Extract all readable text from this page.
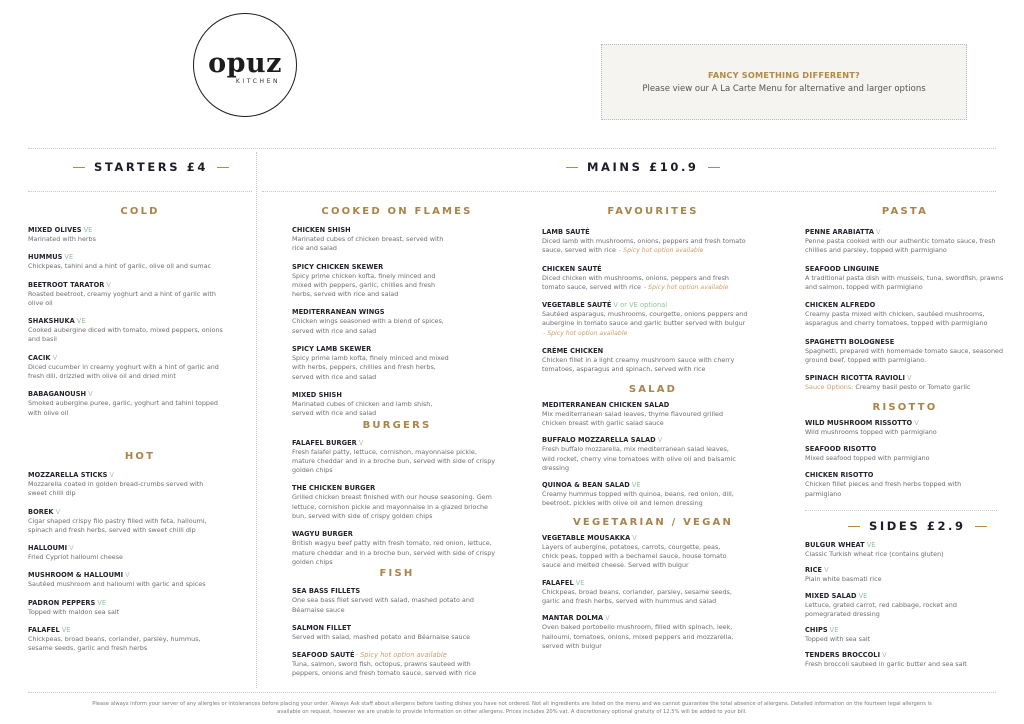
opuz
KITCHEN
FANCY SOMETHING DIFFERENT?
Please view our A La Carte Menu for alternative and larger options
STARTERS £4	MAINS £10.9
SIDES £2.9
COLD
MIXED OLIVES VE
Marinated with herbs
HUMMUS VE
Chickpeas, tahini and a hint of garlic, olive oil and sumac
BEETROOT TARATOR V
Roasted beetroot, creamy yoghurt and a hint of garlic with olive oil
SHAKSHUKA VE
Cooked aubergine diced with tomato, mixed peppers, onions and basil
CACIK V
Diced cucumber in creamy yoghurt with a hint of garlic and fresh dill, drizzled with olive oil and dried mint
BABAGANOUSH V
Smoked aubergine puree, garlic, yoghurt and tahini topped with olive oil
HOT
MOZZARELLA STICKS V
Mozzarella coated in golden bread-crumbs served with sweet chilli dip
BOREK V
Cigar shaped crispy filo pastry filled with feta, halloumi, spinach and fresh herbs, served with sweet chilli dip
HALLOUMI V
Fried Cypriot halloumi cheese
MUSHROOM & HALLOUMI V
Sautéed mushroom and halloumi with garlic and spices
PADRON PEPPERS VE
Topped with maldon sea salt
FALAFEL VE
Chickpeas, broad beans, coriander, parsley, hummus, sesame seeds, garlic and fresh herbs
COOKED ON FLAMES
CHICKEN SHISH
Marinated cubes of chicken breast, served with rice and salad
SPICY CHICKEN SKEWER
Spicy prime chicken kofta, finely minced and mixed with peppers, garlic, chillies and fresh herbs, served with rice and salad
MEDITERRANEAN WINGS
Chicken wings seasoned with a blend of spices, served with rice and salad
SPICY LAMB SKEWER
Spicy prime lamb kofta, finely minced and mixed with herbs, peppers, chillies and fresh herbs, served with rice and salad
MIXED SHISH
Marinated cubes of chicken and lamb shish, served with rice and salad
BURGERS
FALAFEL BURGER V
Fresh falafel patty, lettuce, cornishon, mayonnaise pickle, mature cheddar and in a broche bun, served with side of crispy golden chips
THE CHICKEN BURGER
Grilled chicken breast finished with our house seasoning. Gem lettuce, cornishon pickle and mayonnaise in a glazed brioche bun, served with side of crispy golden chips
WAGYU BURGER
British wagyu beef patty with fresh tomato, red onion, lettuce, mature cheddar and in a broche bun, served with side of crispy golden chips
FISH
SEA BASS FILLETS
One sea bass filet served with salad, mashed potato and Béarnaise sauce
SALMON FILLET
Served with salad, mashed potato and Béarnaise sauce
SEAFOOD SAUTÉ- Spicy hot option available
Tuna, salmon, sword fish, octopus, prawns sauteed with peppers, onions and fresh tomato sauce, served with rice
FAVOURITES
LAMB SAUTÉ
Diced lamb with mushrooms, onions, peppers and fresh tomato sauce, served with rice - Spicy hot option available
CHICKEN SAUTÉ
Diced chicken with mushrooms, onions, peppers and fresh tomato sauce, served with rice - Spicy hot option available
VEGETABLE SAUTÉ V or VE optional
Sautéed asparagus, mushrooms, courgette, onions peppers and aubergine in tomato sauce and garlic butter served with bulgur - Spicy hot option available
CRÈME CHICKEN
Chicken fillet in a light creamy mushroom sauce with cherry tomatoes, asparagus and spinach, served with rice
SALAD
MEDITERRANEAN CHICKEN SALAD
Mix mediterranean salad leaves, thyme flavoured grilled chicken breast with garlic salad sauce
BUFFALO MOZZARELLA SALAD V
Fresh buffalo mozzarella, mix mediterranean salad leaves, wild rocket, cherry vine tomatoes with olive oil and balsamic dressing
QUINOA & BEAN SALAD VE
Creamy hummus topped with quinoa, beans, red onion, dill, beetroot, pickles with olive oil and lemon dressing
VEGETARIAN / VEGAN
VEGETABLE MOUSAKKA V
Layers of aubergine, potatoes, carrots, courgette, peas, chick peas, topped with a bechamel sauce, house tomato sauce and melted cheese. Served with bulgur
FALAFEL VE
Chickpeas, broad beans, coriander, parsley, sesame seeds, garlic and fresh herbs, served with hummus and salad
MANTAR DOLMA V
Oven baked portobello mushroom, filled with spinach, leek, halloumi, tomatoes, onions, mixed peppers and mozzarella, served with bulgur
PASTA
PENNE ARABIATTA V
Penne pasta cooked with our authentic tomato sauce, fresh chillies and parsley, topped with parmigiano
SEAFOOD LINGUINE
A traditional pasta dish with mussels, tuna, swordfish, prawns and salmon, topped with parmigiano
CHICKEN ALFREDO
Creamy pasta mixed with chicken, sautéed mushrooms, asparagus and cherry tomatoes, topped with parmigiano
SPAGHETTI BOLOGNESE
Spaghetti, prepared with homemade tomato sauce, seasoned ground beef, topped with parmigiano.
SPINACH RICOTTA RAVIOLI V
Sauce Options: Creamy basil pesto or Tomato garlic
RISOTTO
WILD MUSHROOM RISSOTTO V
Wild mushrooms topped with parmigiano
SEAFOOD RISOTTO
Mixed seafood topped with parmigiano
CHICKEN RISOTTO
Chicken fillet pieces and fresh herbs topped with parmigiano
BULGUR WHEAT VE
Classic Turkish wheat rice (contains gluten)
RICE V
Plain white basmati rice
MIXED SALAD VE
Lettuce, grated carrot, red cabbage, rocket and pomegrarated dressing
CHIPS VE
Topped with sea salt
TENDERS BROCCOLI V
Fresh broccoli sauteed in garlic butter and sea salt
Please always inform your server of any allergies or intolerances before placing your order. Always Ask staff about allergens before tasting dishes you have not ordered. Not all ingredients are listed on the menu and we cannot guarantee the total absence of allergens. Detailed information on the fourteen legal allergens is
available on request, however we are unable to provide information on other allergens. Prices includes 20% vat. A discretionary optional gratuity of 12.5% will be added to your bill.
